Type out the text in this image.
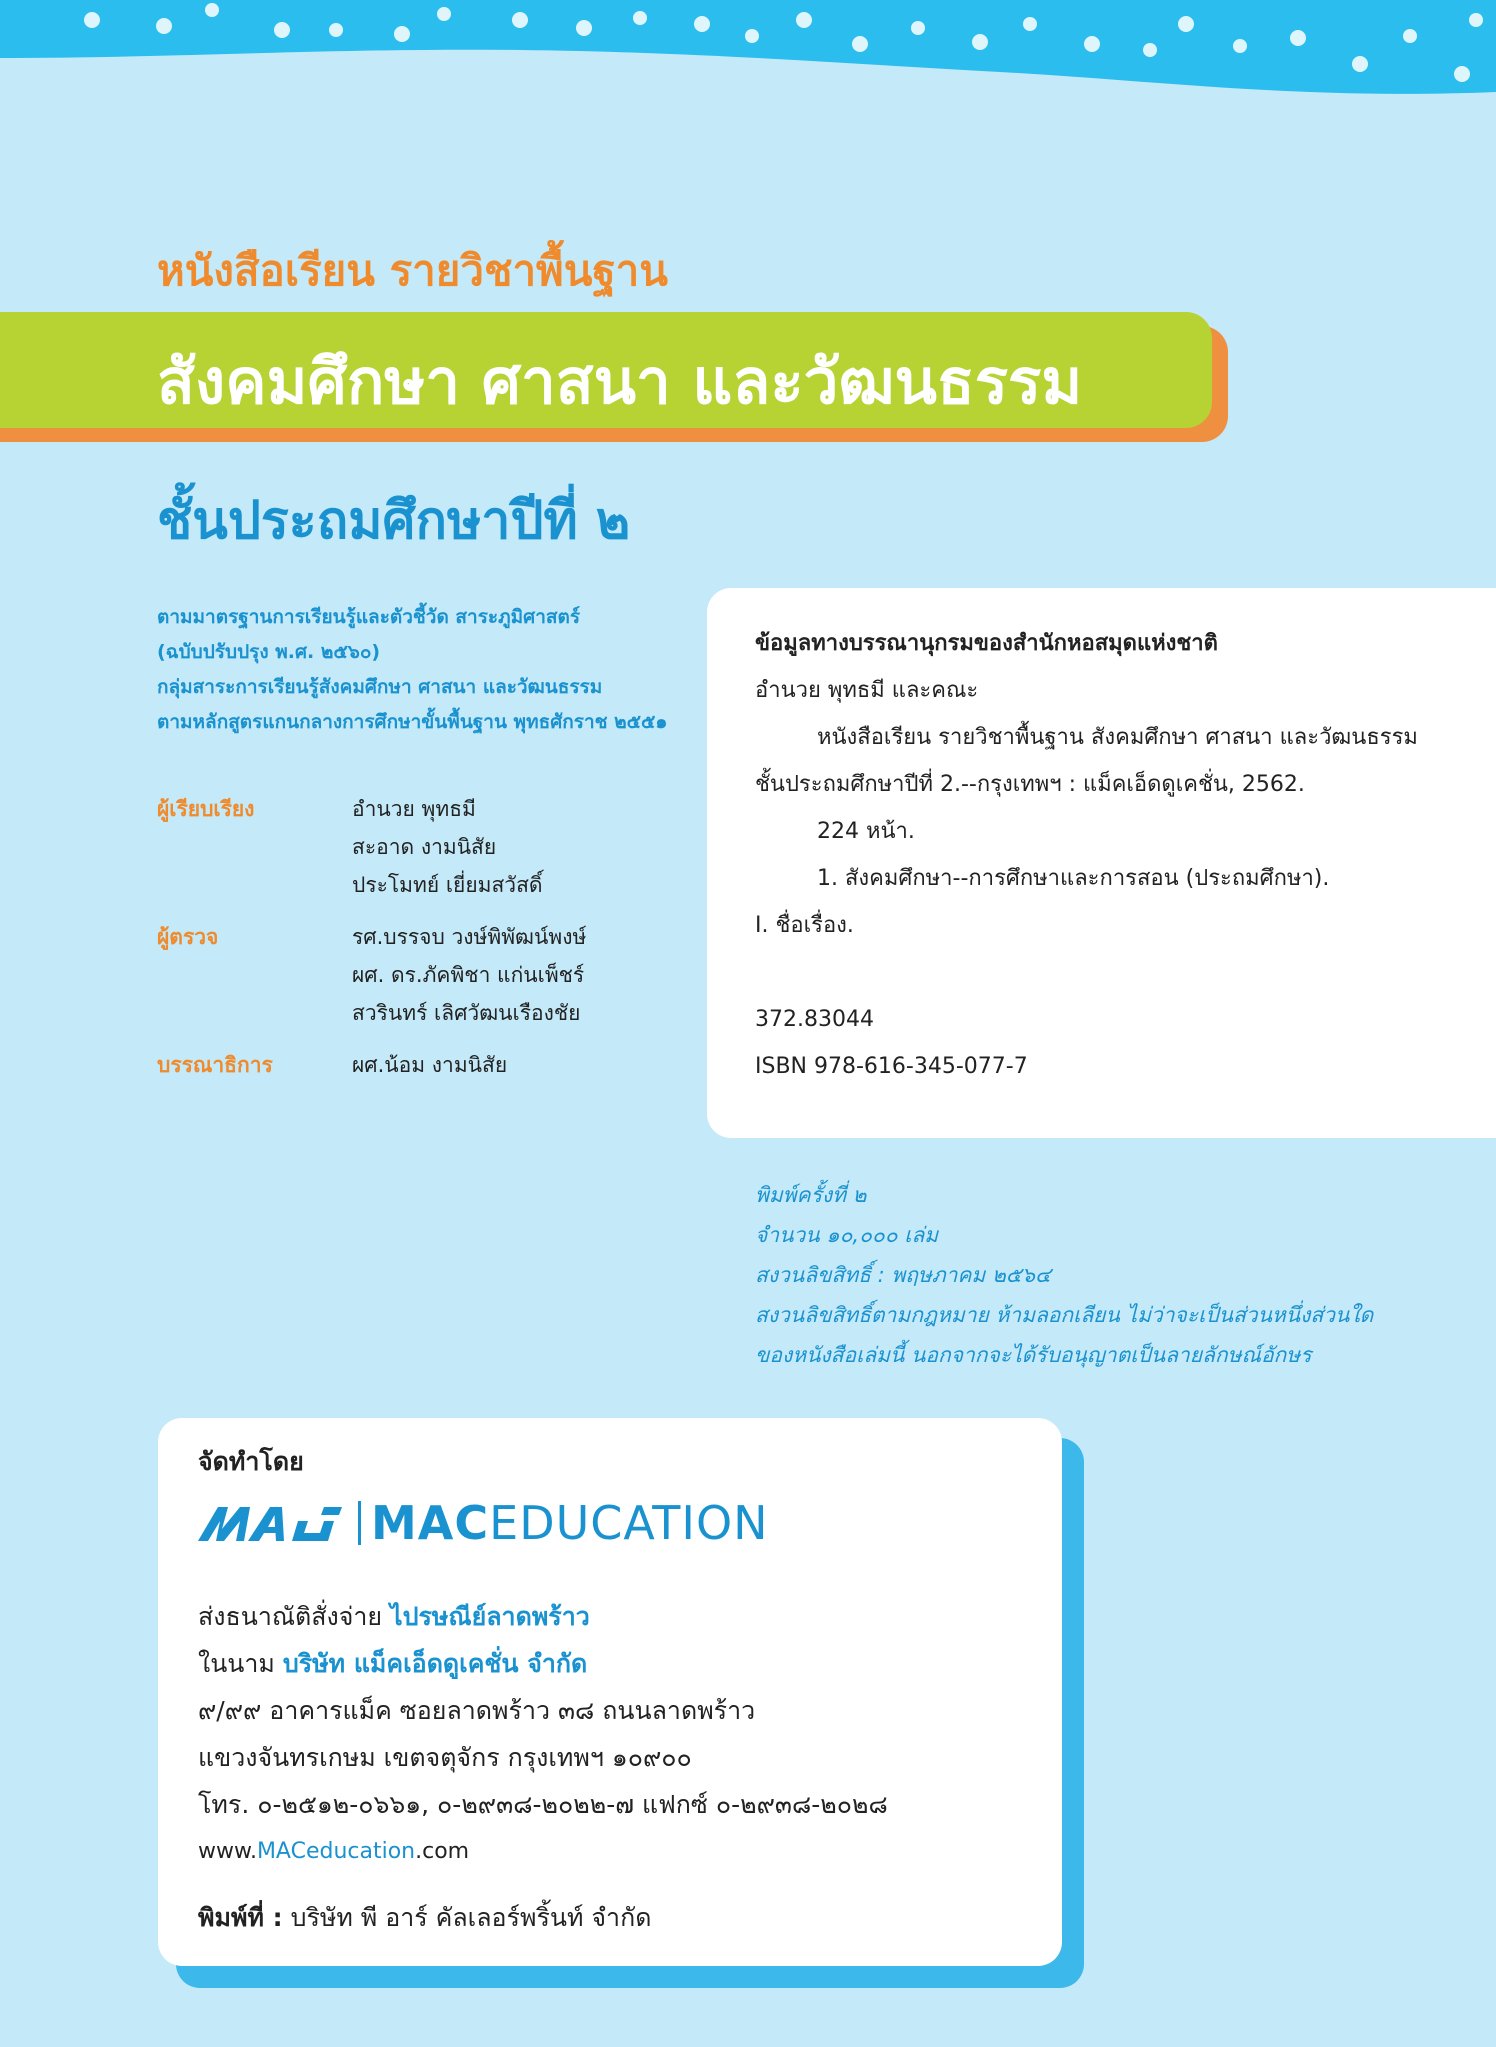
หนังสือเรียน รายวิชาพื้นฐาน
สังคมศึกษา ศาสนา และวัฒนธรรม
ชั้นประถมศึกษาปีที่ ๒
ตามมาตรฐานการเรียนรู้และตัวชี้วัด สาระภูมิศาสตร์
(ฉบับปรับปรุง พ.ศ. ๒๕๖๐)
กลุ่มสาระการเรียนรู้สังคมศึกษา ศาสนา และวัฒนธรรม
ตามหลักสูตรแกนกลางการศึกษาขั้นพื้นฐาน พุทธศักราช ๒๕๕๑
ผู้เรียบเรียง	อำนวย พุทธมี
สะอาด งามนิสัย
ประโมทย์ เยี่ยมสวัสดิ์
ผู้ตรวจ	รศ.บรรจบ วงษ์พิพัฒน์พงษ์
ผศ. ดร.ภัคพิชา แก่นเพ็ชร์
สวรินทร์ เลิศวัฒนเรืองชัย
บรรณาธิการ	ผศ.น้อม งามนิสัย
ข้อมูลทางบรรณานุกรมของสำนักหอสมุดแห่งชาติ
อำนวย พุทธมี และคณะ
หนังสือเรียน รายวิชาพื้นฐาน สังคมศึกษา ศาสนา และวัฒนธรรม
ชั้นประถมศึกษาปีที่ 2.--กรุงเทพฯ : แม็คเอ็ดดูเคชั่น, 2562.
224 หน้า.
1. สังคมศึกษา--การศึกษาและการสอน (ประถมศึกษา).
I. ชื่อเรื่อง.
372.83044
ISBN 978-616-345-077-7
พิมพ์ครั้งที่ ๒
จำนวน ๑๐,๐๐๐ เล่ม
สงวนลิขสิทธิ์ : พฤษภาคม ๒๕๖๔
สงวนลิขสิทธิ์ตามกฎหมาย ห้ามลอกเลียน ไม่ว่าจะเป็นส่วนหนึ่งส่วนใด
ของหนังสือเล่มนี้ นอกจากจะได้รับอนุญาตเป็นลายลักษณ์อักษร
จัดทำโดย
MACEDUCATION
ส่งธนาณัติสั่งจ่าย ไปรษณีย์ลาดพร้าว
ในนาม บริษัท แม็คเอ็ดดูเคชั่น จำกัด
๙/๙๙ อาคารแม็ค ซอยลาดพร้าว ๓๘ ถนนลาดพร้าว
แขวงจันทรเกษม เขตจตุจักร กรุงเทพฯ ๑๐๙๐๐
โทร. ๐-๒๕๑๒-๐๖๖๑, ๐-๒๙๓๘-๒๐๒๒-๗ แฟกซ์ ๐-๒๙๓๘-๒๐๒๘
www.MACeducation.com
พิมพ์ที่ : บริษัท พี อาร์ คัลเลอร์พริ้นท์ จำกัด
